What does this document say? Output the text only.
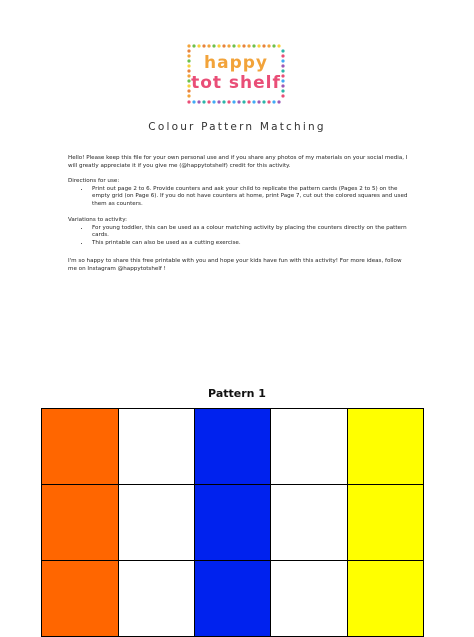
happy
tot shelf
Colour Pattern Matching

Hello! Please keep this file for your own personal use and if you share any photos of my materials on your social media, I will greatly appreciate it if you give me (@happytotshelf) credit for this activity.

Directions for use:

• Print out page 2 to 6. Provide counters and ask your child to replicate the pattern cards (Pages 2 to 5) on the empty grid (on Page 6). If you do not have counters at home, print Page 7, cut out the colored squares and used them as counters.

Variations to activity:

• For young toddler, this can be used as a colour matching activity by placing the counters directly on the pattern cards.
• This printable can also be used as a cutting exercise.

I'm so happy to share this free printable with you and hope your kids have fun with this activity! For more ideas, follow me on Instagram @happytotshelf !

Pattern 1
